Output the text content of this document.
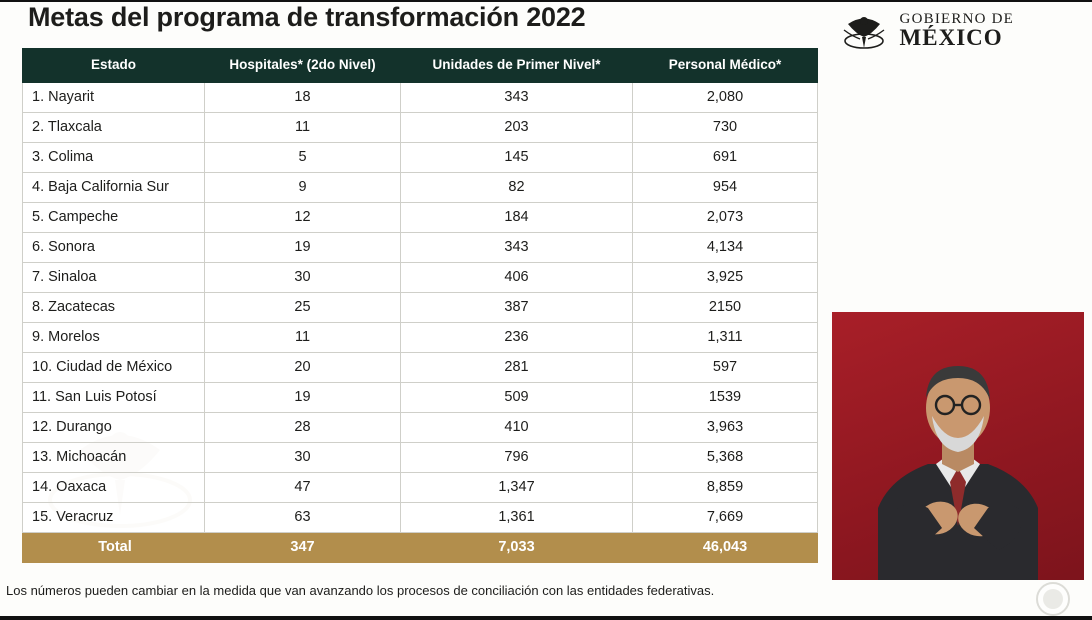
Metas del programa de transformación 2022	GOBIERNO DE
MÉXICO
Estado	Hospitales* (2do Nivel)	Unidades de Primer Nivel*	Personal Médico*
1. Nayarit	18	343	2,080
2. Tlaxcala	11	203	730
3. Colima	5	145	691
4. Baja California Sur	9	82	954
5. Campeche	12	184	2,073
6. Sonora	19	343	4,134
7. Sinaloa	30	406	3,925
8. Zacatecas	25	387	2150
9. Morelos	11	236	1,311
10. Ciudad de México	20	281	597
11. San Luis Potosí	19	509	1539
12. Durango	28	410	3,963
13. Michoacán	30	796	5,368
14. Oaxaca	47	1,347	8,859
15. Veracruz	63	1,361	7,669
Total	347	7,033	46,043
Los números pueden cambiar en la medida que van avanzando los procesos de conciliación con las entidades federativas.
